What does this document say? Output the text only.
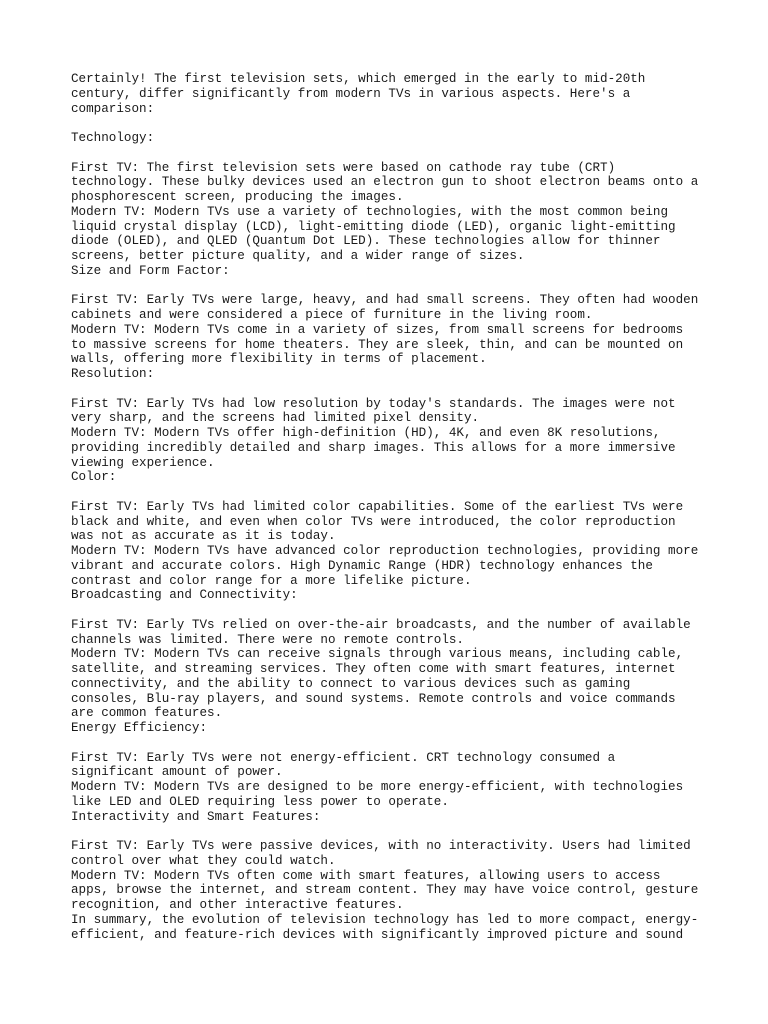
Certainly! The first television sets, which emerged in the early to mid-20th
century, differ significantly from modern TVs in various aspects. Here's a
comparison:
Technology:
First TV: The first television sets were based on cathode ray tube (CRT)
technology. These bulky devices used an electron gun to shoot electron beams onto a
phosphorescent screen, producing the images.
Modern TV: Modern TVs use a variety of technologies, with the most common being
liquid crystal display (LCD), light-emitting diode (LED), organic light-emitting
diode (OLED), and QLED (Quantum Dot LED). These technologies allow for thinner
screens, better picture quality, and a wider range of sizes.
Size and Form Factor:
First TV: Early TVs were large, heavy, and had small screens. They often had wooden
cabinets and were considered a piece of furniture in the living room.
Modern TV: Modern TVs come in a variety of sizes, from small screens for bedrooms
to massive screens for home theaters. They are sleek, thin, and can be mounted on
walls, offering more flexibility in terms of placement.
Resolution:
First TV: Early TVs had low resolution by today's standards. The images were not
very sharp, and the screens had limited pixel density.
Modern TV: Modern TVs offer high-definition (HD), 4K, and even 8K resolutions,
providing incredibly detailed and sharp images. This allows for a more immersive
viewing experience.
Color:
First TV: Early TVs had limited color capabilities. Some of the earliest TVs were
black and white, and even when color TVs were introduced, the color reproduction
was not as accurate as it is today.
Modern TV: Modern TVs have advanced color reproduction technologies, providing more
vibrant and accurate colors. High Dynamic Range (HDR) technology enhances the
contrast and color range for a more lifelike picture.
Broadcasting and Connectivity:
First TV: Early TVs relied on over-the-air broadcasts, and the number of available
channels was limited. There were no remote controls.
Modern TV: Modern TVs can receive signals through various means, including cable,
satellite, and streaming services. They often come with smart features, internet
connectivity, and the ability to connect to various devices such as gaming
consoles, Blu-ray players, and sound systems. Remote controls and voice commands
are common features.
Energy Efficiency:
First TV: Early TVs were not energy-efficient. CRT technology consumed a
significant amount of power.
Modern TV: Modern TVs are designed to be more energy-efficient, with technologies
like LED and OLED requiring less power to operate.
Interactivity and Smart Features:
First TV: Early TVs were passive devices, with no interactivity. Users had limited
control over what they could watch.
Modern TV: Modern TVs often come with smart features, allowing users to access
apps, browse the internet, and stream content. They may have voice control, gesture
recognition, and other interactive features.
In summary, the evolution of television technology has led to more compact, energy-
efficient, and feature-rich devices with significantly improved picture and sound
